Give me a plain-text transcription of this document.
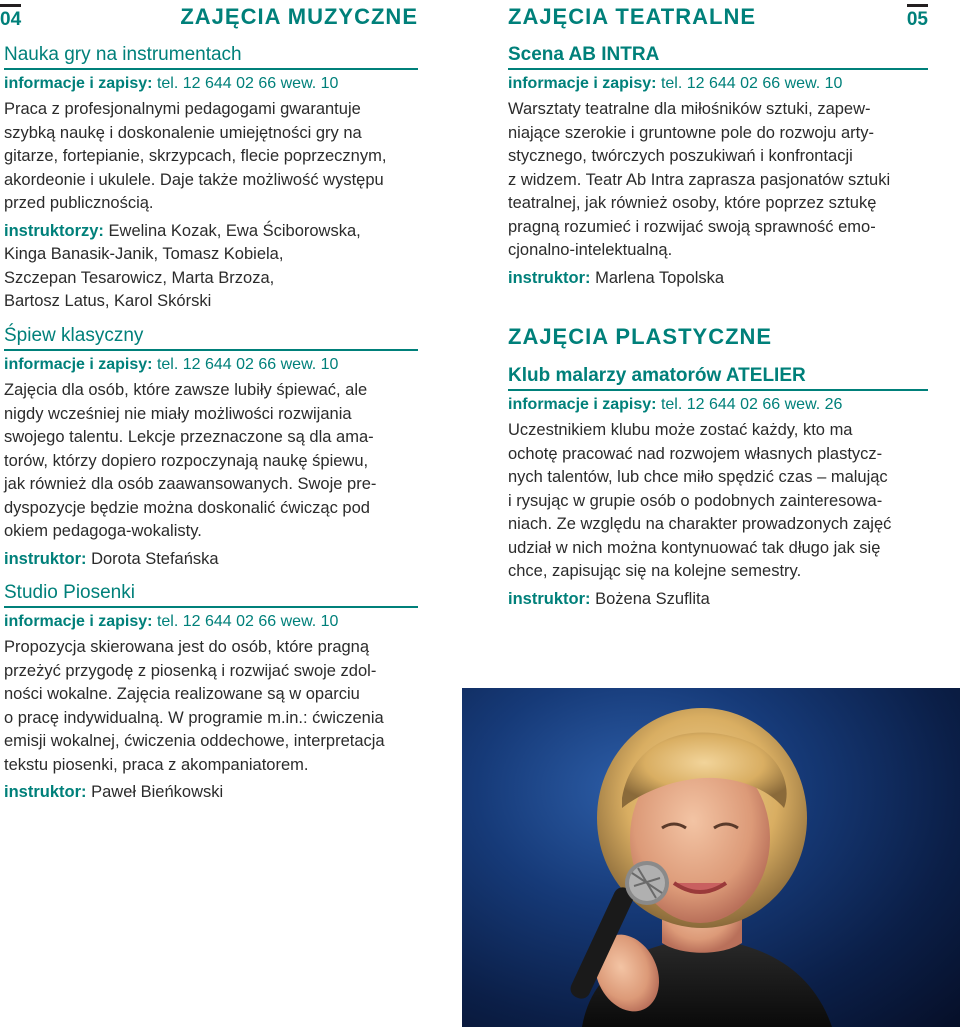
04	ZAJĘCIA MUZYCZNE
Nauka gry na instrumentach
informacje i zapisy: tel. 12 644 02 66 wew. 10
Praca z profesjonalnymi pedagogami gwarantuje
szybką naukę i doskonalenie umiejętności gry na
gitarze, fortepianie, skrzypcach, flecie poprzecznym,
akordeonie i ukulele. Daje także możliwość występu
przed publicznością.
instruktorzy: Ewelina Kozak, Ewa Ściborowska,
Kinga Banasik-Janik, Tomasz Kobiela,
Szczepan Tesarowicz, Marta Brzoza,
Bartosz Latus, Karol Skórski
Śpiew klasyczny
informacje i zapisy: tel. 12 644 02 66 wew. 10
Zajęcia dla osób, które zawsze lubiły śpiewać, ale
nigdy wcześniej nie miały możliwości rozwijania
swojego talentu. Lekcje przeznaczone są dla ama-
torów, którzy dopiero rozpoczynają naukę śpiewu,
jak również dla osób zaawansowanych. Swoje pre-
dyspozycje będzie można doskonalić ćwicząc pod
okiem pedagoga-wokalisty.
instruktor: Dorota Stefańska
Studio Piosenki
informacje i zapisy: tel. 12 644 02 66 wew. 10
Propozycja skierowana jest do osób, które pragną
przeżyć przygodę z piosenką i rozwijać swoje zdol-
ności wokalne. Zajęcia realizowane są w oparciu
o pracę indywidualną. W programie m.in.: ćwiczenia
emisji wokalnej, ćwiczenia oddechowe, interpretacja
tekstu piosenki, praca z akompaniatorem.
instruktor: Paweł Bieńkowski
05
ZAJĘCIA TEATRALNE
Scena AB INTRA
informacje i zapisy: tel. 12 644 02 66 wew. 10
Warsztaty teatralne dla miłośników sztuki, zapew-
niające szerokie i gruntowne pole do rozwoju arty-
stycznego, twórczych poszukiwań i konfrontacji
z widzem. Teatr Ab Intra zaprasza pasjonatów sztuki
teatralnej, jak również osoby, które poprzez sztukę
pragną rozumieć i rozwijać swoją sprawność emo-
cjonalno-intelektualną.
instruktor: Marlena Topolska
ZAJĘCIA PLASTYCZNE
Klub malarzy amatorów ATELIER
informacje i zapisy: tel. 12 644 02 66 wew. 26
Uczestnikiem klubu może zostać każdy, kto ma
ochotę pracować nad rozwojem własnych plastycz-
nych talentów, lub chce miło spędzić czas – malując
i rysując w grupie osób o podobnych zainteresowa-
niach. Ze względu na charakter prowadzonych zajęć
udział w nich można kontynuować tak długo jak się
chce, zapisując się na kolejne semestry.
instruktor: Bożena Szuflita
